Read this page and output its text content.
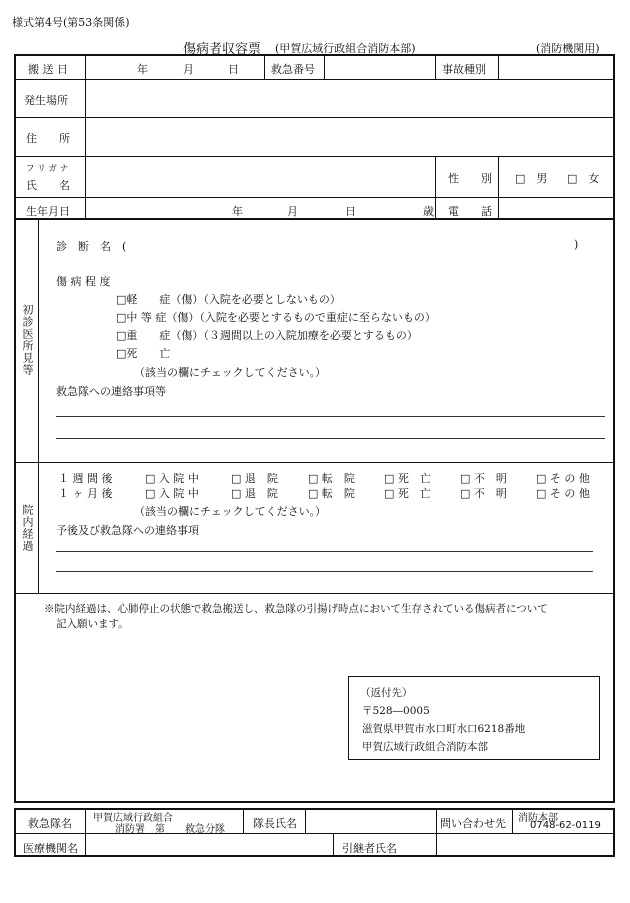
様式第4号(第53条関係)
傷病者収容票 (甲賀広域行政組合消防本部)	(消防機関用)
搬 送 日	年	月	日	救急番号	事故種別
発生場所
住　　所
フ リ ガ ナ
氏　　名
性　　別 □　男 □　女
生年月日	年	月	日	歳 電　　話
初診医所見等
診　断　名　(	)
傷 病 程 度
□軽　　症（傷）（入院を必要としないもの）
□中 等 症（傷）（入院を必要とするもので重症に至らないもの）
□重　　症（傷）（３週間以上の入院加療を必要とするもの）
□死　　亡
（該当の欄にチェックしてください。）
救急隊への連絡事項等
院内経過
１ 週 間 後	□ 入 院 中	□ 退　院	□ 転　院	□ 死　亡	□ 不　明	□ そ の 他
１ ヶ 月 後	□ 入 院 中	□ 退　院	□ 転　院	□ 死　亡	□ 不　明	□ そ の 他
（該当の欄にチェックしてください。）
予後及び救急隊への連絡事項
※院内経過は、心肺停止の状態で救急搬送し、救急隊の引揚げ時点において生存されている傷病者について
記入願います。
（返付先）
〒528―0005
滋賀県甲賀市水口町水口6218番地
甲賀広域行政組合消防本部
救急隊名 甲賀広域行政組合
消防署　第　　救急分隊	隊長氏名	問い合わせ先 消防本部
0748-62-0119
医療機関名	引継者氏名
